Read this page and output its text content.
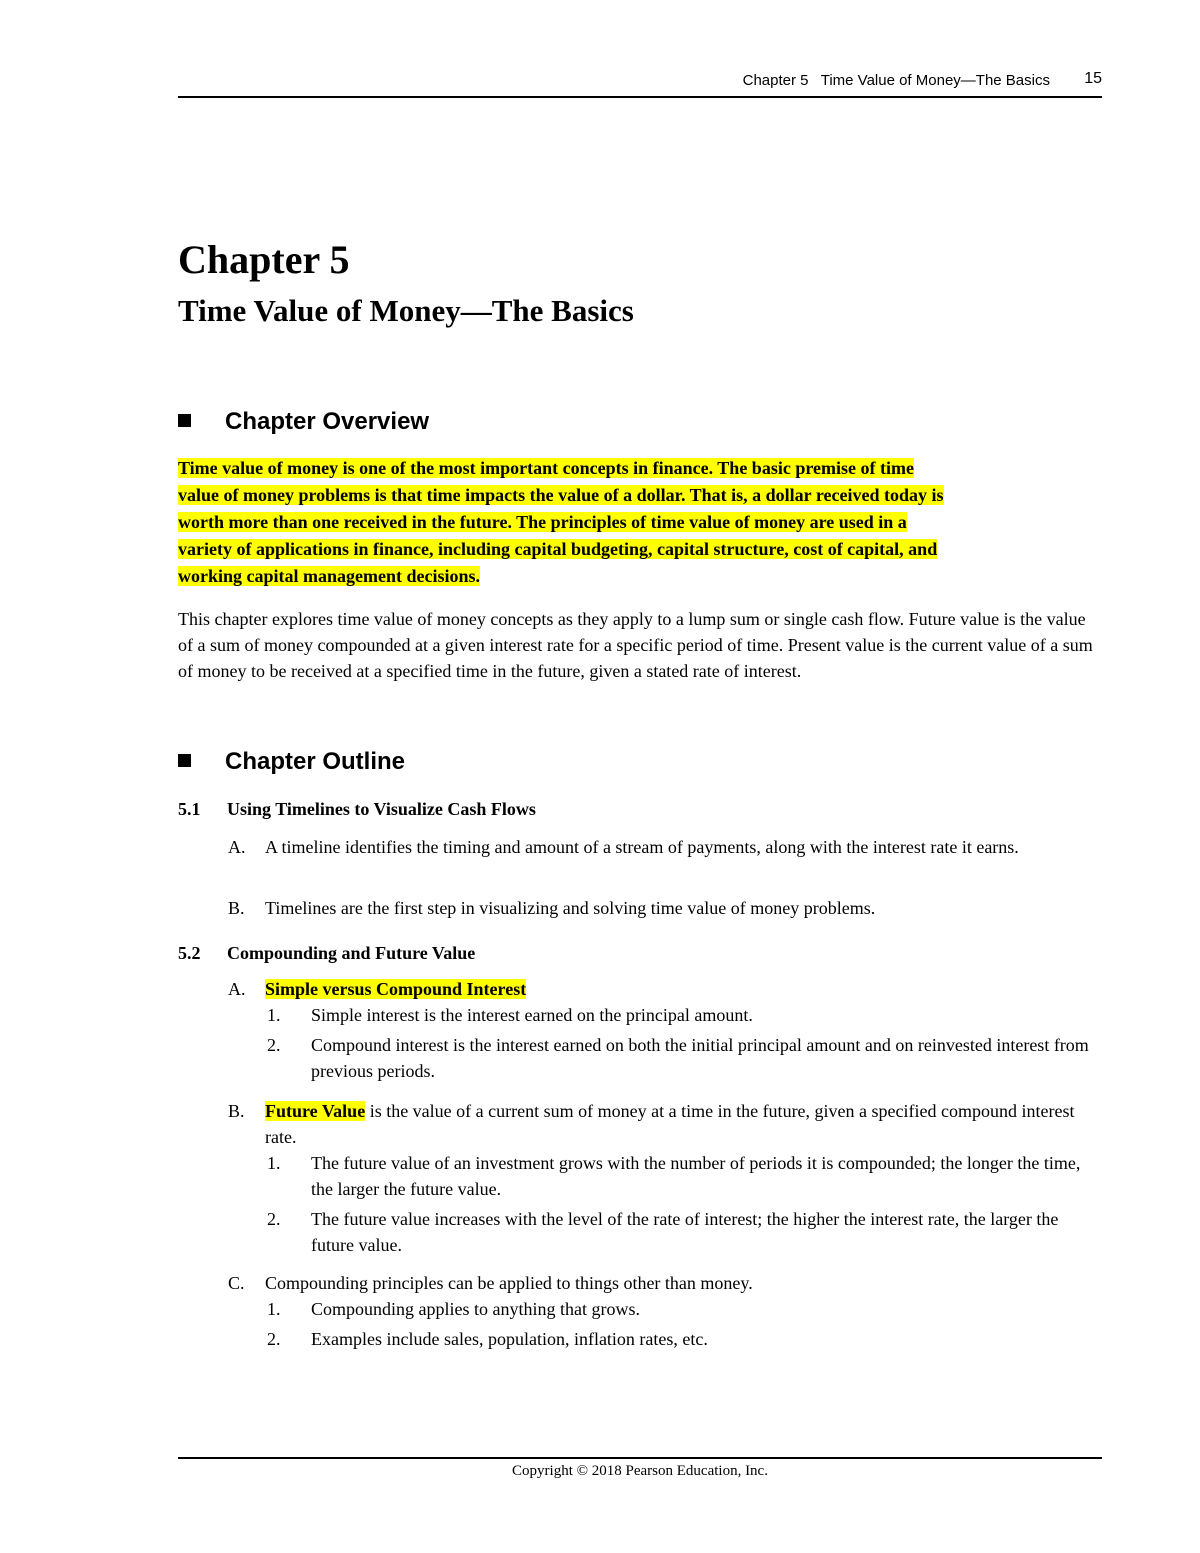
Chapter 5   Time Value of Money—The Basics 15
Chapter 5
Time Value of Money—The Basics
Chapter Overview
Time value of money is one of the most important concepts in finance. The basic premise of time
value of money problems is that time impacts the value of a dollar. That is, a dollar received today is
worth more than one received in the future. The principles of time value of money are used in a
variety of applications in finance, including capital budgeting, capital structure, cost of capital, and
working capital management decisions.

This chapter explores time value of money concepts as they apply to a lump sum or single cash flow. Future value is the value of a sum of money compounded at a given interest rate for a specific period of time. Present value is the current value of a sum of money to be received at a specified time in the future, given a stated rate of interest.

Chapter Outline
5.1 Using Timelines to Visualize Cash Flows
A. A timeline identifies the timing and amount of a stream of payments, along with the interest rate it earns.
B. Timelines are the first step in visualizing and solving time value of money problems.
5.2 Compounding and Future Value
A. Simple versus Compound Interest
1. Simple interest is the interest earned on the principal amount.
2. Compound interest is the interest earned on both the initial principal amount and on reinvested interest from previous periods.
B. Future Value is the value of a current sum of money at a time in the future, given a specified compound interest rate.
1. The future value of an investment grows with the number of periods it is compounded; the longer the time, the larger the future value.
2. The future value increases with the level of the rate of interest; the higher the interest rate, the larger the future value.
C. Compounding principles can be applied to things other than money.
1. Compounding applies to anything that grows.
2. Examples include sales, population, inflation rates, etc.
Copyright © 2018 Pearson Education, Inc.
